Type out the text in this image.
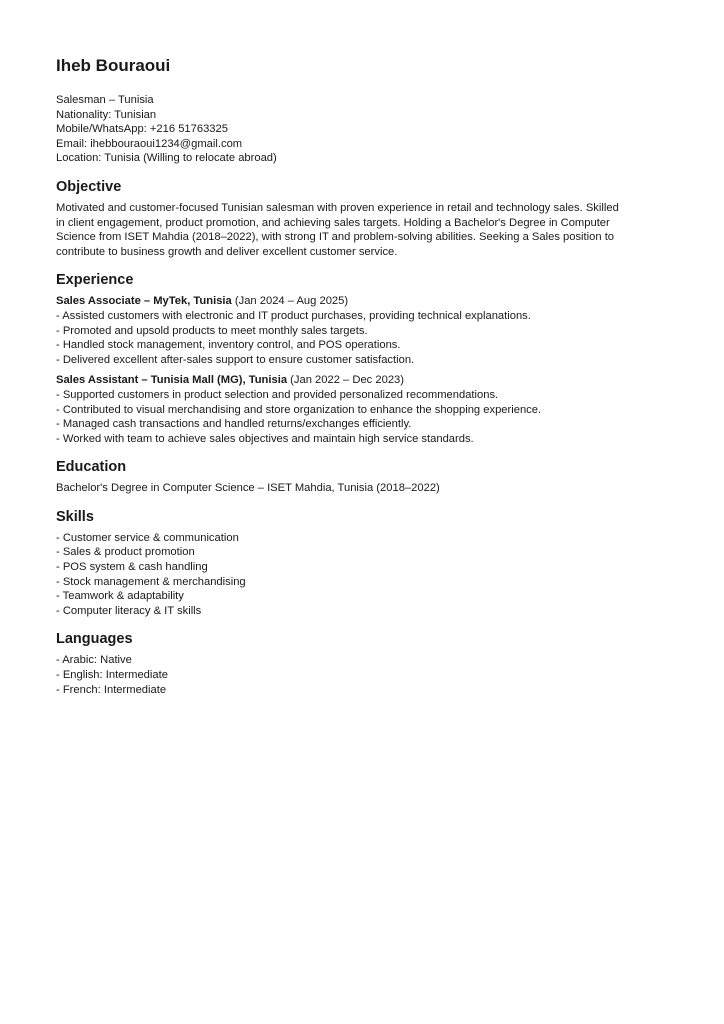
Iheb Bouraoui
Salesman – Tunisia
Nationality: Tunisian
Mobile/WhatsApp: +216 51763325
Email: ihebbouraoui1234@gmail.com
Location: Tunisia (Willing to relocate abroad)
Objective
Motivated and customer-focused Tunisian salesman with proven experience in retail and technology sales. Skilled
in client engagement, product promotion, and achieving sales targets. Holding a Bachelor's Degree in Computer
Science from ISET Mahdia (2018–2022), with strong IT and problem-solving abilities. Seeking a Sales position to
contribute to business growth and deliver excellent customer service.
Experience
Sales Associate – MyTek, Tunisia (Jan 2024 – Aug 2025)
- Assisted customers with electronic and IT product purchases, providing technical explanations.
- Promoted and upsold products to meet monthly sales targets.
- Handled stock management, inventory control, and POS operations.
- Delivered excellent after-sales support to ensure customer satisfaction.
Sales Assistant – Tunisia Mall (MG), Tunisia (Jan 2022 – Dec 2023)
- Supported customers in product selection and provided personalized recommendations.
- Contributed to visual merchandising and store organization to enhance the shopping experience.
- Managed cash transactions and handled returns/exchanges efficiently.
- Worked with team to achieve sales objectives and maintain high service standards.
Education
Bachelor's Degree in Computer Science – ISET Mahdia, Tunisia (2018–2022)
Skills
- Customer service & communication
- Sales & product promotion
- POS system & cash handling
- Stock management & merchandising
- Teamwork & adaptability
- Computer literacy & IT skills
Languages
- Arabic: Native
- English: Intermediate
- French: Intermediate
